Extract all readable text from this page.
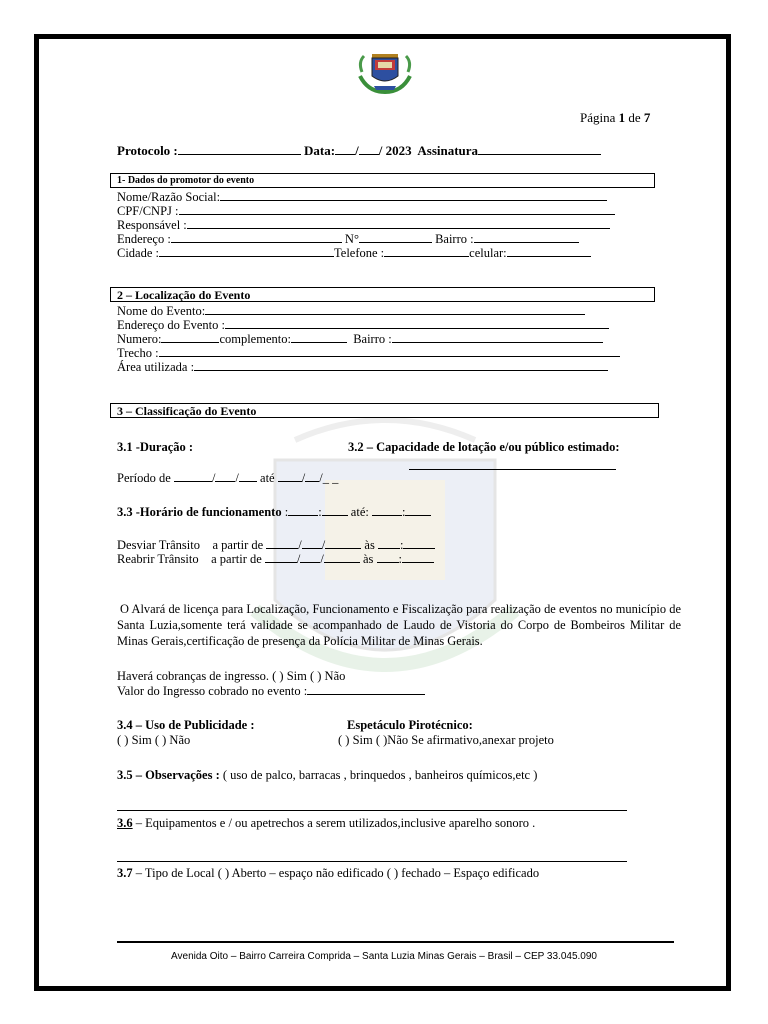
Página 1 de 7
Protocolo :	Data: / / 2023 Assinatura
1- Dados do promotor do evento
Nome/Razão Social:
CPF/CNPJ :
Responsável :
Endereço :	N°	Bairro :
Cidade :	Telefone :	celular:
2 – Localização do Evento
Nome do Evento:
Endereço do Evento :
Numero:	complemento:	Bairro :
Trecho :
Área utilizada :
3 – Classificação do Evento
3.1 -Duração :	3.2 – Capacidade de lotação e/ou público estimado:
Período de	/ / até / /_ _
3.3 -Horário de funcionamento : : até:	:
Desviar Trânsito a partir de	/ /	às :
Reabrir Trânsito a partir de	/ /	às :
O Alvará de licença para Localização, Funcionamento e Fiscalização para realização de eventos no município de Santa Luzia,somente terá validade se acompanhado de Laudo de Vistoria do Corpo de Bombeiros Militar de Minas Gerais,certificação de presença da Polícia Militar de Minas Gerais.
Haverá cobranças de ingresso. ( ) Sim ( ) Não
Valor do Ingresso cobrado no evento :
3.4 – Uso de Publicidade :
( ) Sim ( ) Não
Espetáculo Pirotécnico:
( ) Sim ( )Não Se afirmativo,anexar projeto
3.5 – Observações : ( uso de palco, barracas , brinquedos , banheiros químicos,etc )
3.6 – Equipamentos e / ou apetrechos a serem utilizados,inclusive aparelho sonoro .
3.7 – Tipo de Local ( ) Aberto – espaço não edificado ( ) fechado – Espaço edificado
Avenida Oito – Bairro Carreira Comprida – Santa Luzia Minas Gerais – Brasil – CEP 33.045.090
